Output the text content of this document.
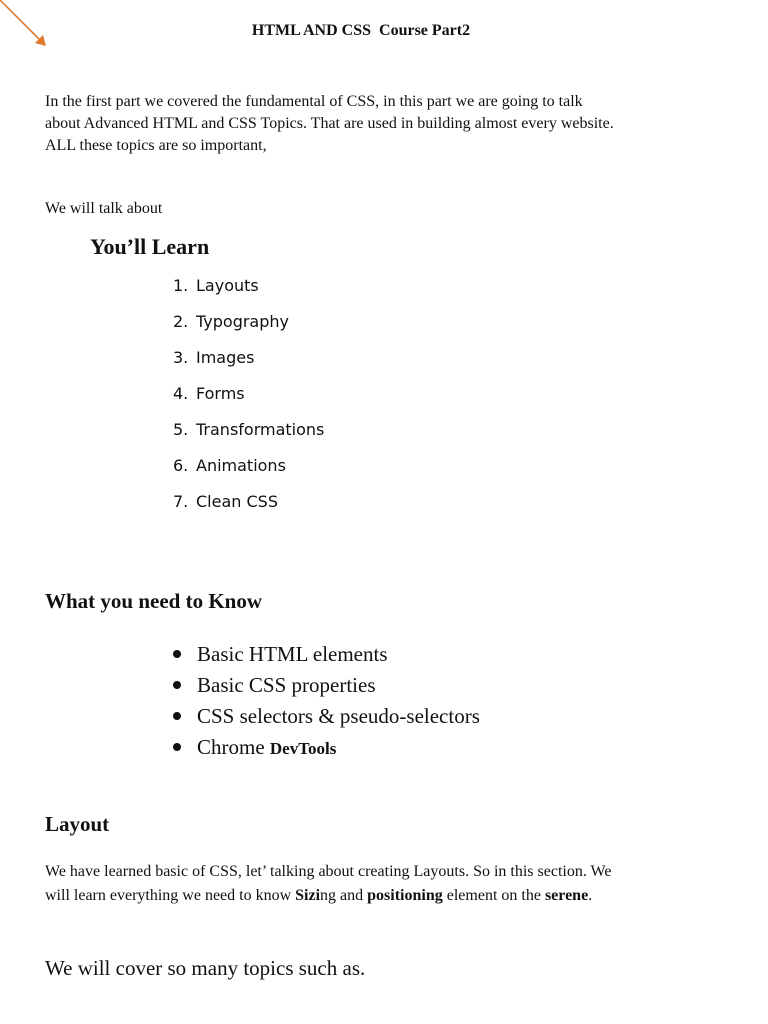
HTML AND CSS  Course Part2
In the first part we covered the fundamental of CSS, in this part we are going to talk
about Advanced HTML and CSS Topics. That are used in building almost every website.
ALL these topics are so important,
We will talk about
You’ll Learn
1. Layouts
2. Typography
3. Images
4. Forms
5. Transformations
6. Animations
7. Clean CSS
What you need to Know
Basic HTML elements
Basic CSS properties
CSS selectors & pseudo-selectors
Chrome DevTools
Layout
We have learned basic of CSS, let’ talking about creating Layouts. So in this section. We
will learn everything we need to know Sizing and positioning element on the serene.
We will cover so many topics such as.
